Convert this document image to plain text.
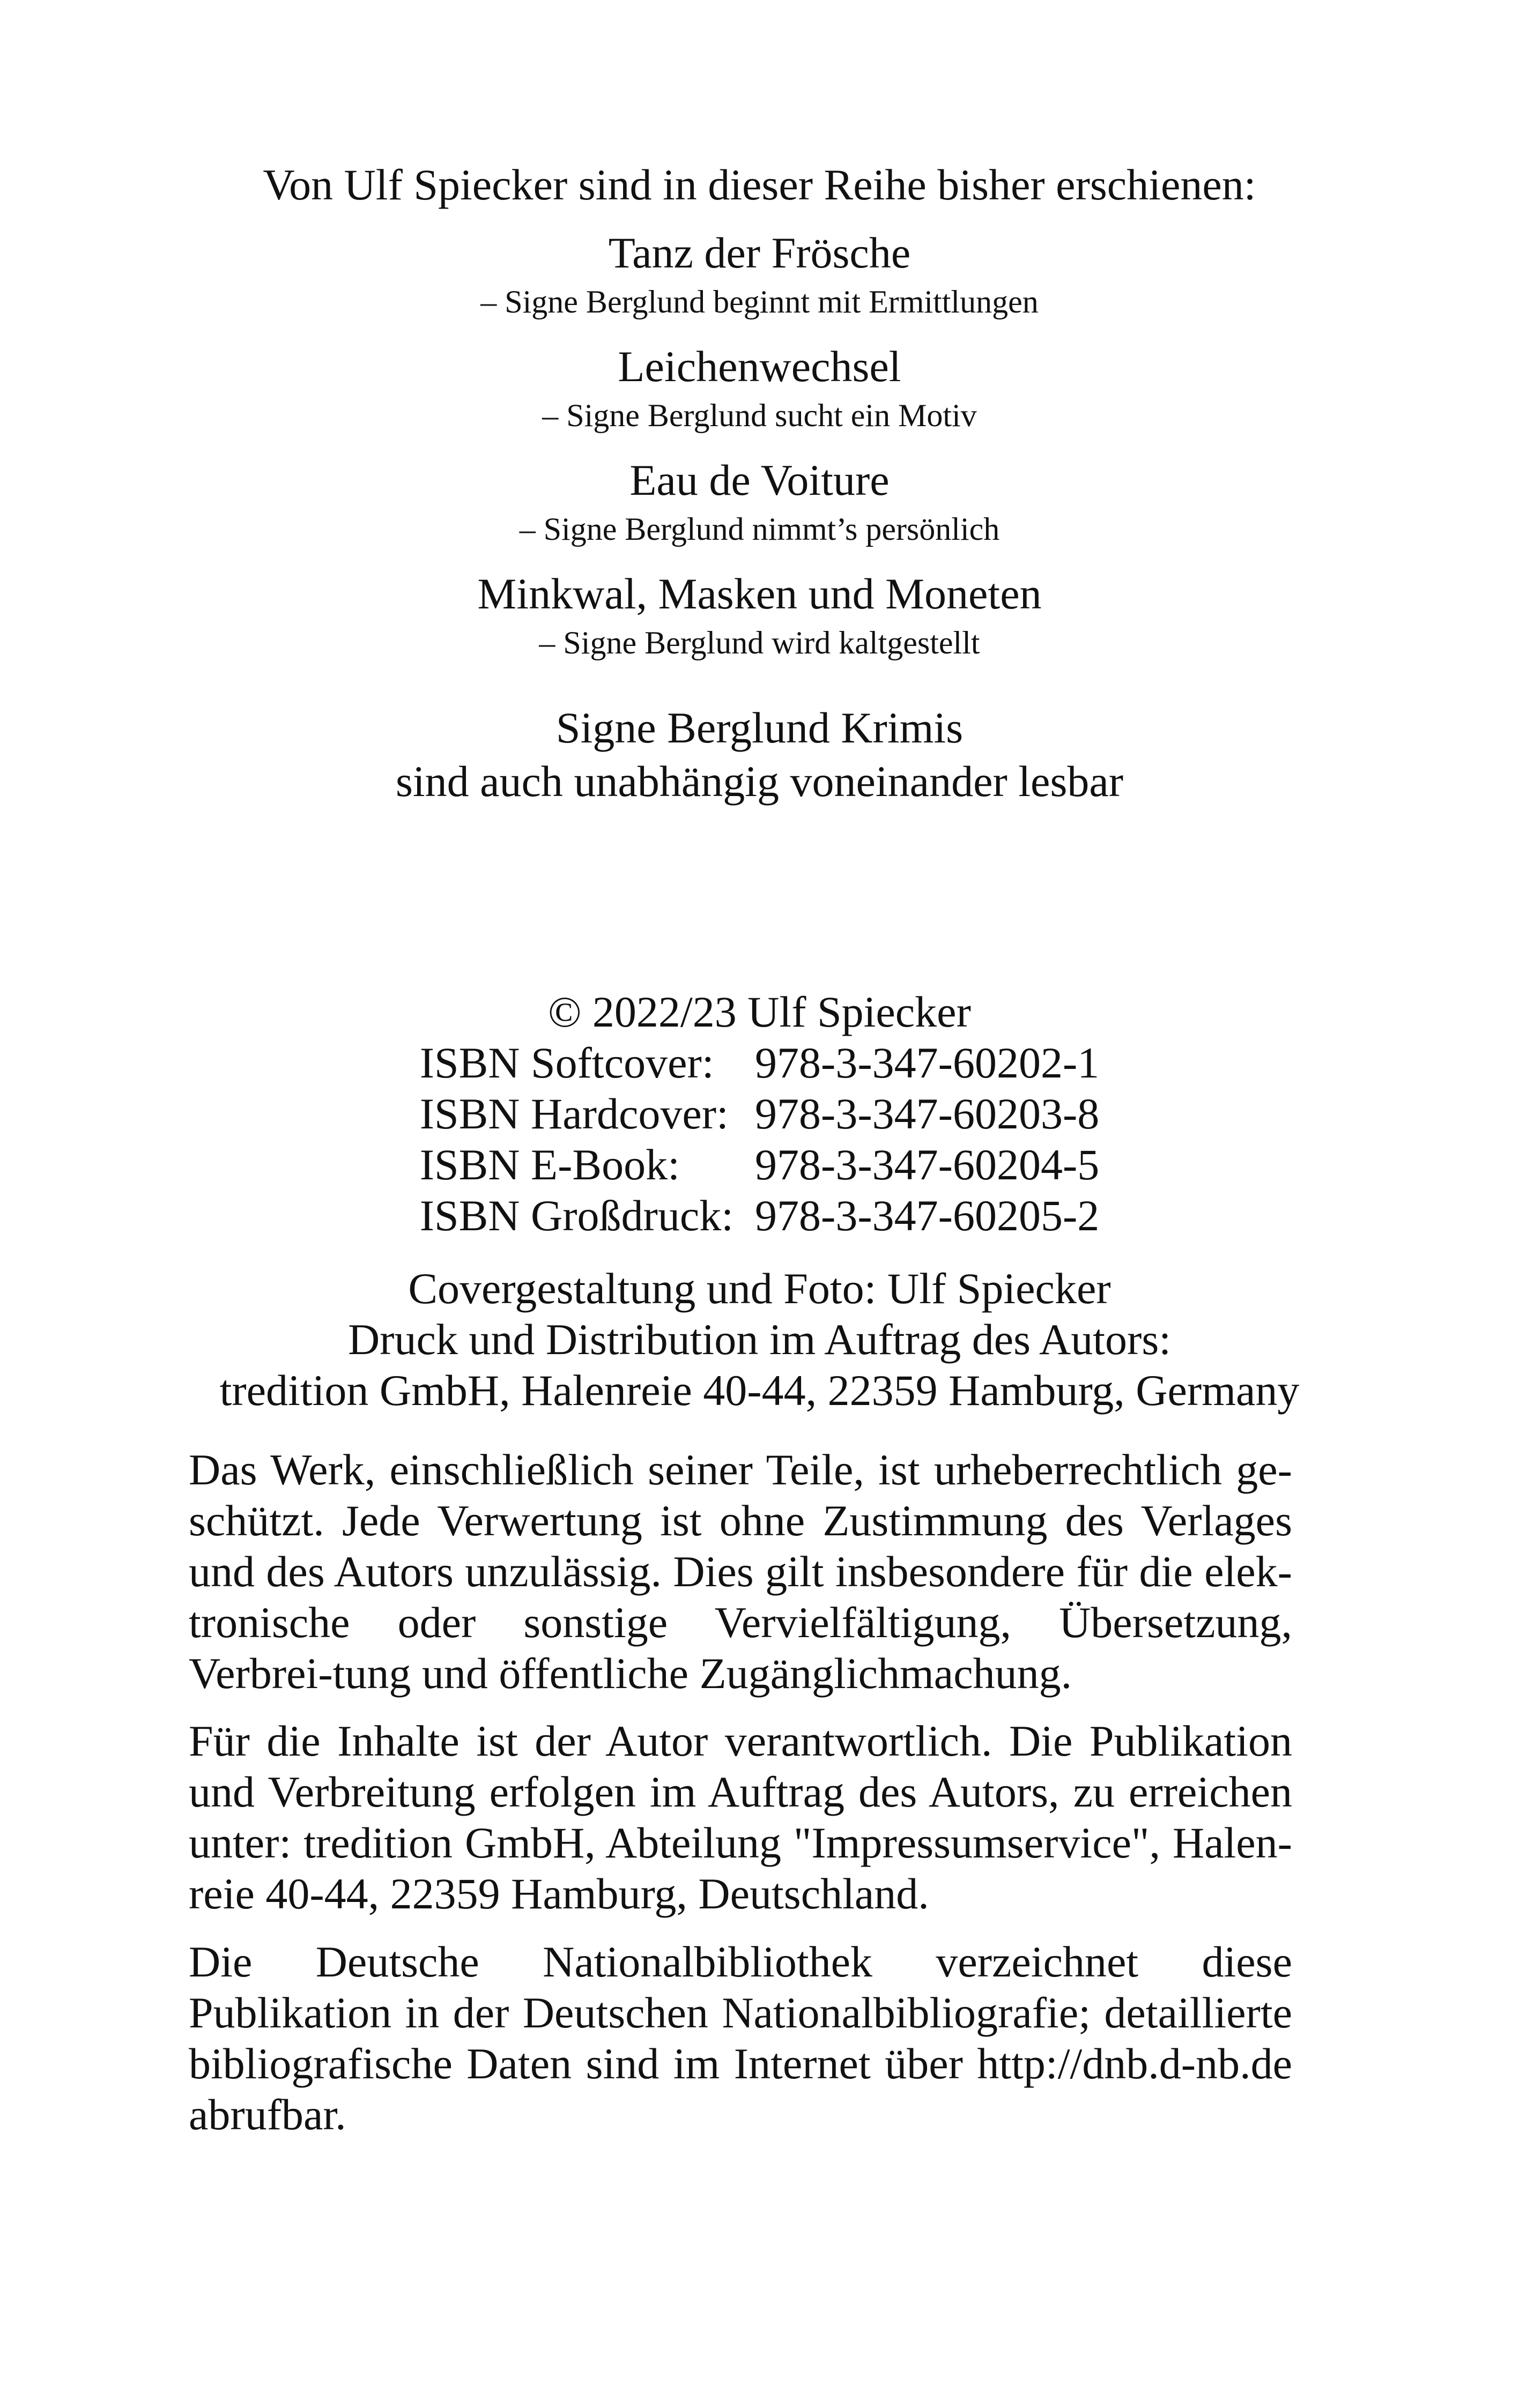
Von Ulf Spiecker sind in dieser Reihe bisher erschienen:
Tanz der Frösche
– Signe Berglund beginnt mit Ermittlungen
Leichenwechsel
– Signe Berglund sucht ein Motiv
Eau de Voiture
– Signe Berglund nimmt’s persönlich
Minkwal, Masken und Moneten
– Signe Berglund wird kaltgestellt
Signe Berglund Krimis
sind auch unabhängig voneinander lesbar
© 2022/23 Ulf Spiecker
ISBN Softcover:	978-3-347-60202-1
ISBN Hardcover:	978-3-347-60203-8
ISBN E-Book:	978-3-347-60204-5
ISBN Großdruck:	978-3-347-60205-2
Covergestaltung und Foto: Ulf Spiecker
Druck und Distribution im Auftrag des Autors:
tredition GmbH, Halenreie 40-44, 22359 Hamburg, Germany

Das Werk, einschließlich seiner Teile, ist urheberrechtlich ge-schützt. Jede Verwertung ist ohne Zustimmung des Verlages und des Autors unzulässig. Dies gilt insbesondere für die elek-tronische oder sonstige Vervielfältigung, Übersetzung, Verbrei-tung und öffentliche Zugänglichmachung.

Für die Inhalte ist der Autor verantwortlich. Die Publikation und Verbreitung erfolgen im Auftrag des Autors, zu erreichen unter: tredition GmbH, Abteilung "Impressumservice", Halen-reie 40-44, 22359 Hamburg, Deutschland.

Die Deutsche Nationalbibliothek verzeichnet diese Publikation in der Deutschen Nationalbibliografie; detaillierte bibliografische Daten sind im Internet über http://dnb.d-nb.de abrufbar.
